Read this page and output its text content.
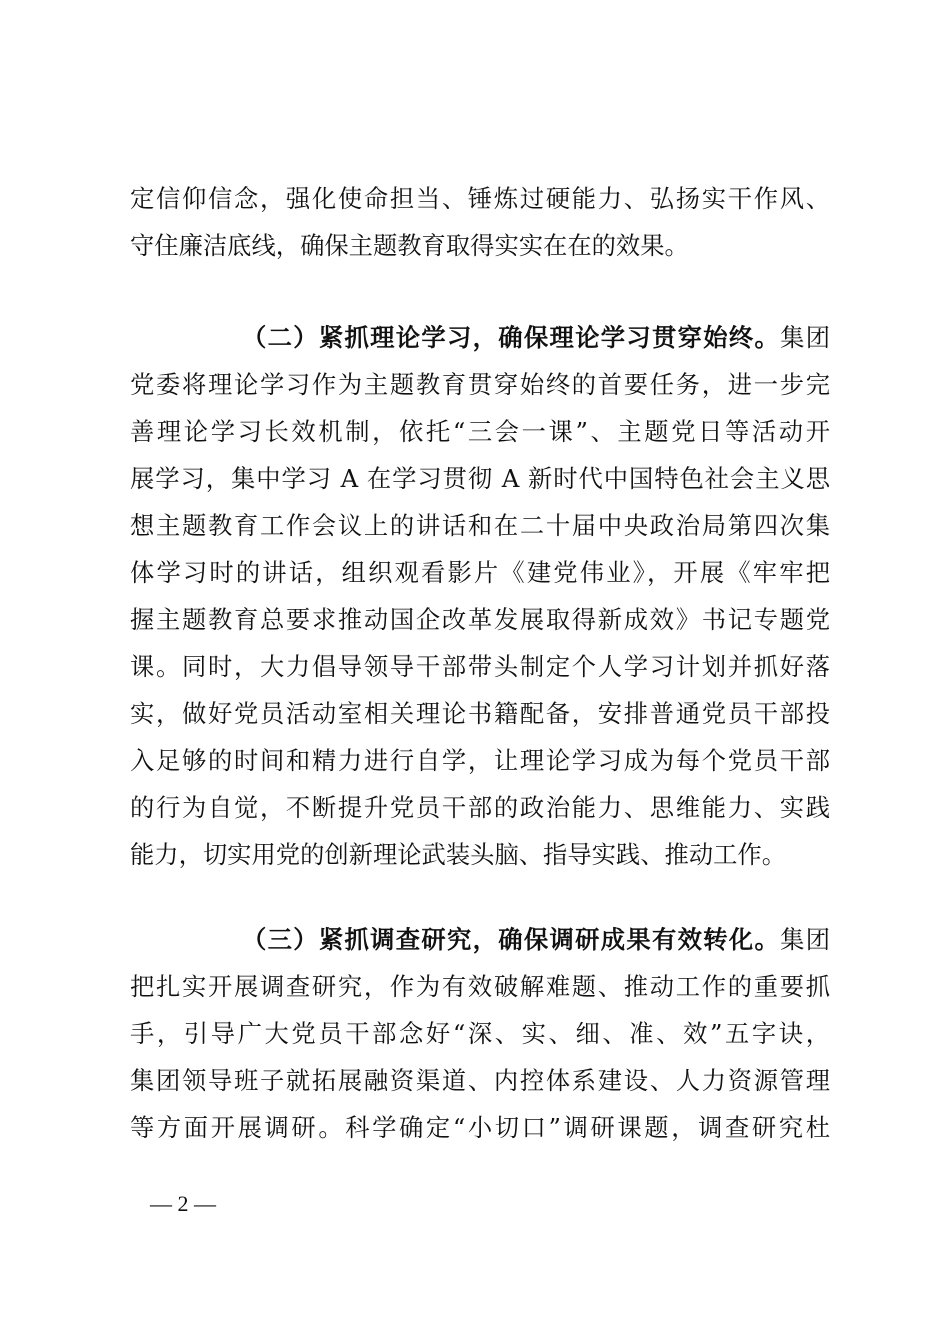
定信仰信念，强化使命担当、锤炼过硬能力、弘扬实干作风、
守住廉洁底线，确保主题教育取得实实在在的效果。
（二）紧抓理论学习，确保理论学习贯穿始终。集团
党委将理论学习作为主题教育贯穿始终的首要任务，进一步完
善理论学习长效机制，依托“三会一课”、主题党日等活动开
展学习，集中学习 A 在学习贯彻 A 新时代中国特色社会主义思
想主题教育工作会议上的讲话和在二十届中央政治局第四次集
体学习时的讲话，组织观看影片《建党伟业》，开展《牢牢把
握主题教育总要求推动国企改革发展取得新成效》书记专题党
课。同时，大力倡导领导干部带头制定个人学习计划并抓好落
实，做好党员活动室相关理论书籍配备，安排普通党员干部投
入足够的时间和精力进行自学，让理论学习成为每个党员干部
的行为自觉，不断提升党员干部的政治能力、思维能力、实践
能力，切实用党的创新理论武装头脑、指导实践、推动工作。
（三）紧抓调查研究，确保调研成果有效转化。集团
把扎实开展调查研究，作为有效破解难题、推动工作的重要抓
手，引导广大党员干部念好“深、实、细、准、效”五字诀，
集团领导班子就拓展融资渠道、内控体系建设、人力资源管理
等方面开展调研。科学确定“小切口”调研课题，调查研究杜
— 2 —
